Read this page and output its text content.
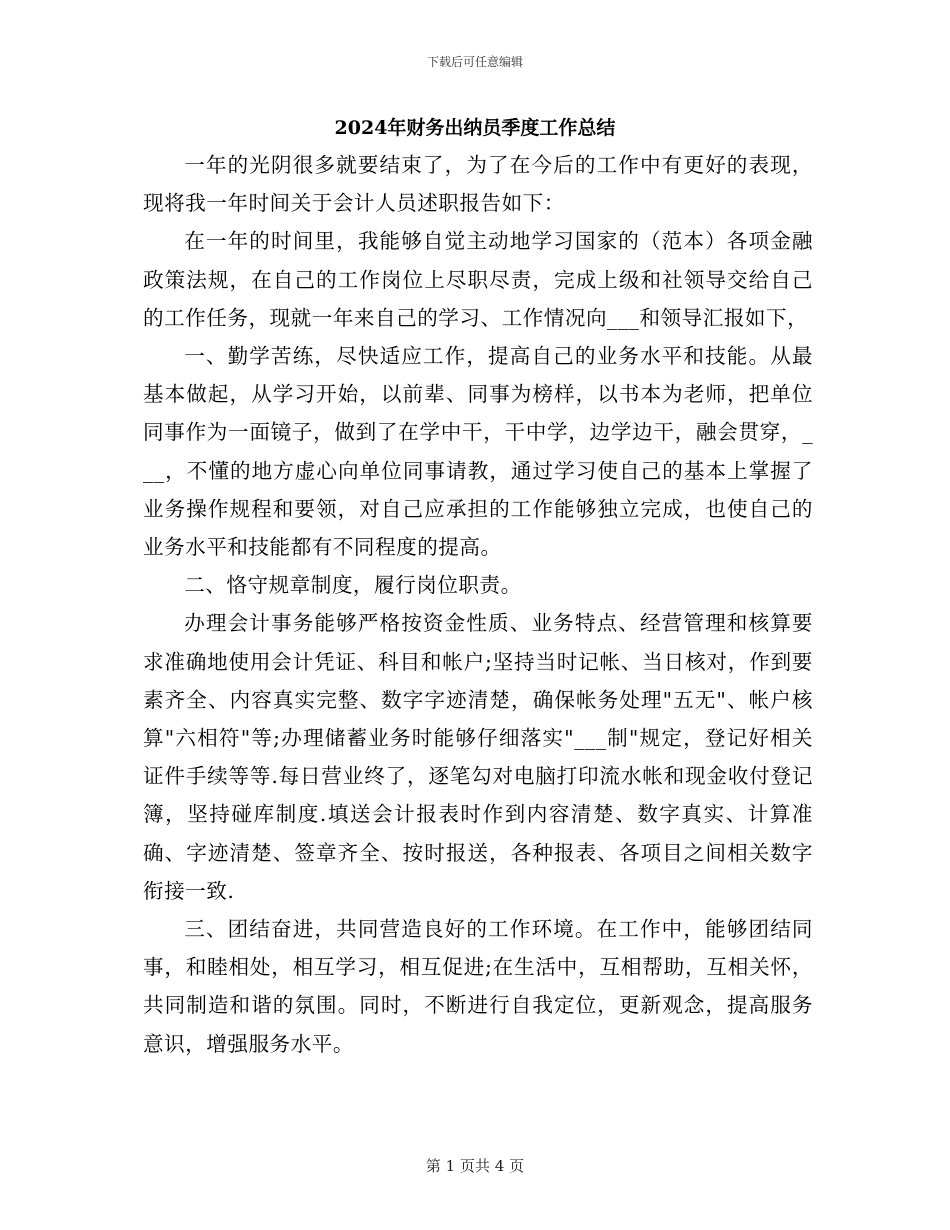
下载后可任意编辑
2024年财务出纳员季度工作总结

一年的光阴很多就要结束了，为了在今后的工作中有更好的表现，现将我一年时间关于会计人员述职报告如下：

在一年的时间里，我能够自觉主动地学习国家的（范本）各项金融政策法规，在自己的工作岗位上尽职尽责，完成上级和社领导交给自己的工作任务，现就一年来自己的学习、工作情况向___和领导汇报如下，

一、勤学苦练，尽快适应工作，提高自己的业务水平和技能。从最基本做起，从学习开始，以前辈、同事为榜样，以书本为老师，把单位同事作为一面镜子，做到了在学中干，干中学，边学边干，融会贯穿，___，不懂的地方虚心向单位同事请教，通过学习使自己的基本上掌握了业务操作规程和要领，对自己应承担的工作能够独立完成，也使自己的业务水平和技能都有不同程度的提高。

二、恪守规章制度，履行岗位职责。

办理会计事务能够严格按资金性质、业务特点、经营管理和核算要求准确地使用会计凭证、科目和帐户;坚持当时记帐、当日核对，作到要素齐全、内容真实完整、数字字迹清楚，确保帐务处理"五无"、帐户核算"六相符"等;办理储蓄业务时能够仔细落实"___制"规定，登记好相关证件手续等等.每日营业终了，逐笔勾对电脑打印流水帐和现金收付登记簿，坚持碰库制度.填送会计报表时作到内容清楚、数字真实、计算准确、字迹清楚、签章齐全、按时报送，各种报表、各项目之间相关数字衔接一致.

三、团结奋进，共同营造良好的工作环境。在工作中，能够团结同事，和睦相处，相互学习，相互促进;在生活中，互相帮助，互相关怀，共同制造和谐的氛围。同时，不断进行自我定位，更新观念，提高服务意识，增强服务水平。

第 1 页共 4 页
